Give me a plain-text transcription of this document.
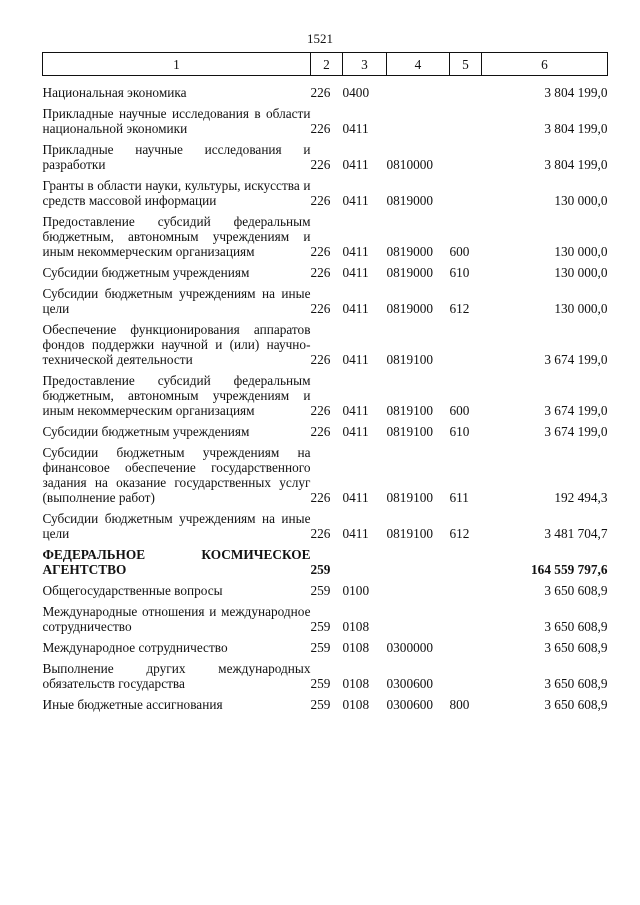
1521
1	2	3	4	5	6

Национальная экономика	226	0400			3 804 199,0
Прикладные научные исследования в области национальной экономики	226	0411			3 804 199,0
Прикладные научные исследования и разработки	226	0411	0810000		3 804 199,0
Гранты в области науки, культуры, искусства и средств массовой информации	226	0411	0819000		130 000,0
Предоставление субсидий федеральным бюджетным, автономным учреждениям и иным некоммерческим организациям	226	0411	0819000	600	130 000,0
Субсидии бюджетным учреждениям	226	0411	0819000	610	130 000,0
Субсидии бюджетным учреждениям на иные цели	226	0411	0819000	612	130 000,0
Обеспечение функционирования аппаратов фондов поддержки научной и (или) научно-технической деятельности	226	0411	0819100		3 674 199,0
Предоставление субсидий федеральным бюджетным, автономным учреждениям и иным некоммерческим организациям	226	0411	0819100	600	3 674 199,0
Субсидии бюджетным учреждениям	226	0411	0819100	610	3 674 199,0
Субсидии бюджетным учреждениям на финансовое обеспечение государственного задания на оказание государственных услуг (выполнение работ)	226	0411	0819100	611	192 494,3
Субсидии бюджетным учреждениям на иные цели	226	0411	0819100	612	3 481 704,7
ФЕДЕРАЛЬНОЕ КОСМИЧЕСКОЕ АГЕНТСТВО	259				164 559 797,6
Общегосударственные вопросы	259	0100			3 650 608,9
Международные отношения и международное сотрудничество	259	0108			3 650 608,9
Международное сотрудничество	259	0108	0300000		3 650 608,9
Выполнение других международных обязательств государства	259	0108	0300600		3 650 608,9
Иные бюджетные ассигнования	259	0108	0300600	800	3 650 608,9
